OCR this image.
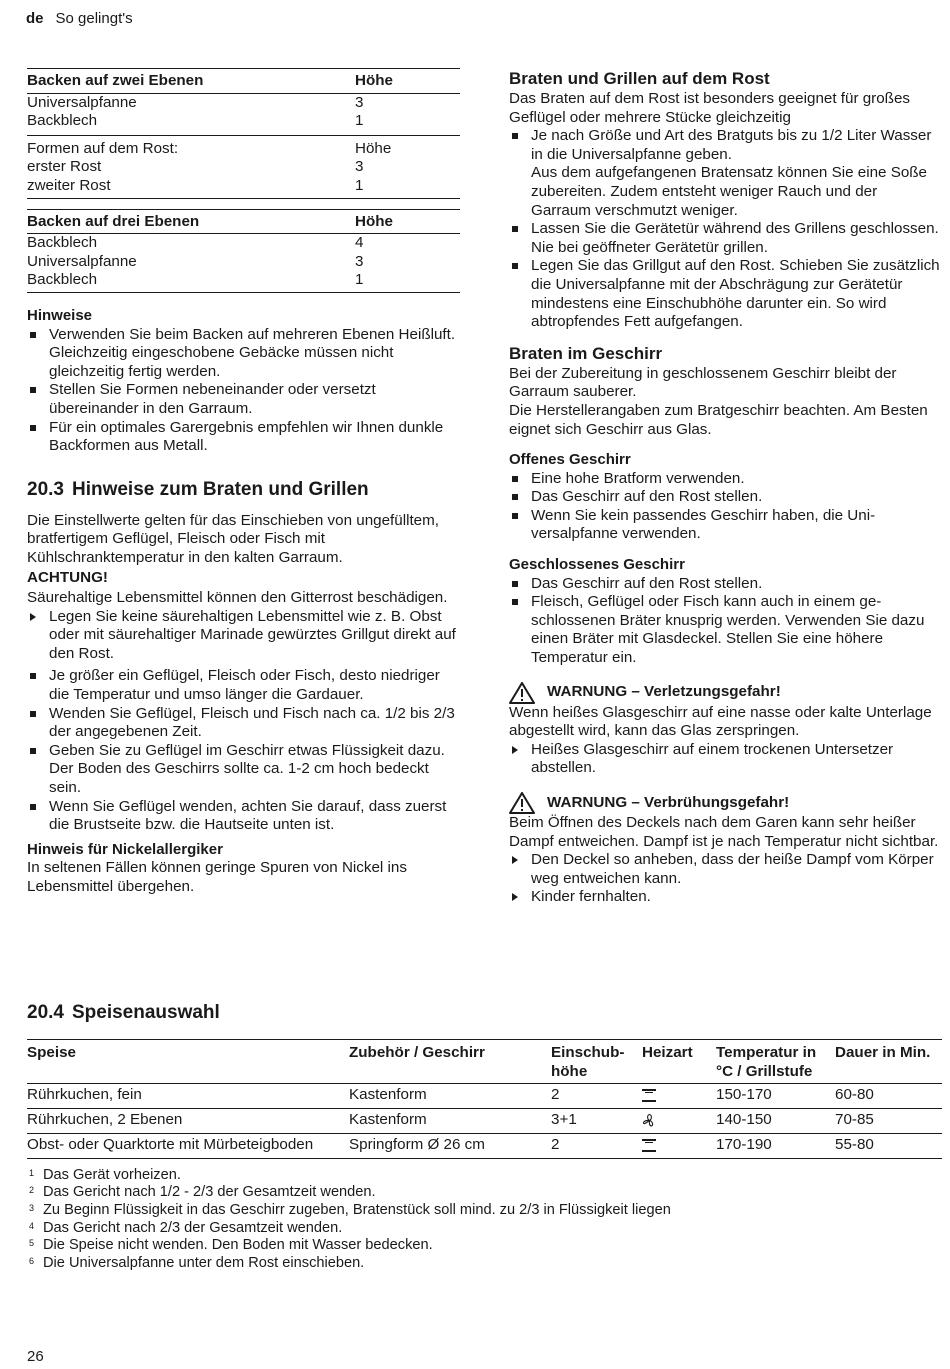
de So gelingt's
Backen auf zwei Ebenen	Höhe
Universalpfanne	3
Backblech	1
Formen auf dem Rost:	Höhe
erster Rost	3
zweiter Rost	1
Backen auf drei Ebenen	Höhe
Backblech	4
Universalpfanne	3
Backblech	1
Hinweise
Verwenden Sie beim Backen auf mehreren Ebenen Heißluft. Gleichzeitig eingeschobene Gebäcke müssen nicht gleichzeitig fertig werden.
Stellen Sie Formen nebeneinander oder versetzt übereinander in den Garraum.
Für ein optimales Garergebnis empfehlen wir Ihnen dunkle Backformen aus Metall.
20.3 Hinweise zum Braten und Grillen

Die Einstellwerte gelten für das Einschieben von ungefülltem, bratfertigem Geflügel, Fleisch oder Fisch mit Kühlschranktemperatur in den kalten Garraum.

ACHTUNG!

Säurehaltige Lebensmittel können den Gitterrost beschädigen.

Legen Sie keine säurehaltigen Lebensmittel wie z. B. Obst oder mit säurehaltiger Marinade gewürztes Grillgut direkt auf den Rost.
Je größer ein Geflügel, Fleisch oder Fisch, desto niedriger die Temperatur und umso länger die Gardauer.
Wenden Sie Geflügel, Fleisch und Fisch nach ca. 1/2 bis 2/3 der angegebenen Zeit.
Geben Sie zu Geflügel im Geschirr etwas Flüssigkeit dazu. Der Boden des Geschirrs sollte ca. 1-2 cm hoch bedeckt sein.
Wenn Sie Geflügel wenden, achten Sie darauf, dass zuerst die Brustseite bzw. die Hautseite unten ist.
Hinweis für Nickelallergiker

In seltenen Fällen können geringe Spuren von Nickel ins Lebensmittel übergehen.

Braten und Grillen auf dem Rost

Das Braten auf dem Rost ist besonders geeignet für großes Geflügel oder mehrere Stücke gleichzeitig

Je nach Größe und Art des Bratguts bis zu 1/2 Liter Wasser in die Universalpfanne geben.
Aus dem aufgefangenen Bratensatz können Sie eine Soße zubereiten. Zudem entsteht weniger Rauch und der Garraum verschmutzt weniger.
Lassen Sie die Gerätetür während des Grillens geschlossen.
Nie bei geöffneter Gerätetür grillen.
Legen Sie das Grillgut auf den Rost. Schieben Sie zusätzlich die Universalpfanne mit der Abschrägung zur Gerätetür mindestens eine Einschubhöhe darunter ein. So wird abtropfendes Fett aufgefangen.
Braten im Geschirr

Bei der Zubereitung in geschlossenem Geschirr bleibt der Garraum sauberer.

Die Herstellerangaben zum Bratgeschirr beachten. Am Besten eignet sich Geschirr aus Glas.

Offenes Geschirr
Eine hohe Bratform verwenden.
Das Geschirr auf den Rost stellen.
Wenn Sie kein passendes Geschirr haben, die Universalpfanne verwenden.
Geschlossenes Geschirr
Das Geschirr auf den Rost stellen.
Fleisch, Geflügel oder Fisch kann auch in einem geschlossenen Bräter knusprig werden. Verwenden Sie dazu einen Bräter mit Glasdeckel. Stellen Sie eine höhere Temperatur ein.
WARNUNG – Verletzungsgefahr!

Wenn heißes Glasgeschirr auf eine nasse oder kalte Unterlage abgestellt wird, kann das Glas zerspringen.

Heißes Glasgeschirr auf einem trockenen Untersetzer abstellen.
WARNUNG – Verbrühungsgefahr!

Beim Öffnen des Deckels nach dem Garen kann sehr heißer Dampf entweichen. Dampf ist je nach Temperatur nicht sichtbar.

Den Deckel so anheben, dass der heiße Dampf vom Körper weg entweichen kann.
Kinder fernhalten.
20.4 Speisenauswahl
Speise	Zubehör / Geschirr	Einschubhöhe	Heizart	Temperatur in °C / Grillstufe	Dauer in Min.
Rührkuchen, fein	Kastenform	2		150-170	60-80
Rührkuchen, 2 Ebenen	Kastenform	3+1		140-150	70-85
Obst- oder Quarktorte mit Mürbeteigboden	Springform Ø 26 cm	2		170-190	55-80
1 Das Gerät vorheizen.
2 Das Gericht nach 1/2 - 2/3 der Gesamtzeit wenden.
3 Zu Beginn Flüssigkeit in das Geschirr zugeben, Bratenstück soll mind. zu 2/3 in Flüssigkeit liegen
4 Das Gericht nach 2/3 der Gesamtzeit wenden.
5 Die Speise nicht wenden. Den Boden mit Wasser bedecken.
6 Die Universalpfanne unter dem Rost einschieben.
26
